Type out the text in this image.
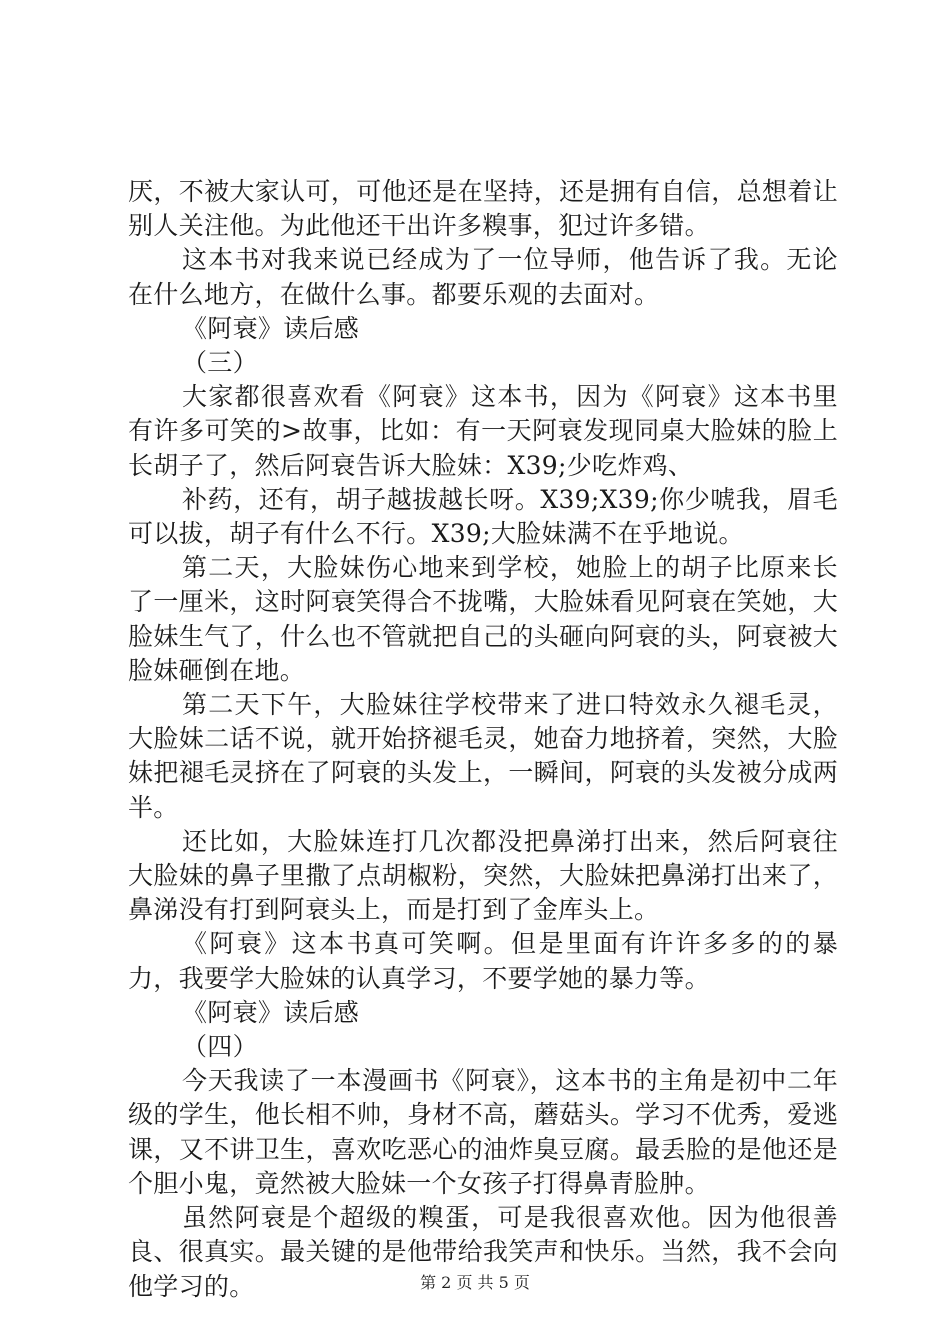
厌，不被大家认可，可他还是在坚持，还是拥有自信，总想着让别人关注他。为此他还干出许多糗事，犯过许多错。

这本书对我来说已经成为了一位导师，他告诉了我。无论在什么地方，在做什么事。都要乐观的去面对。

《阿衰》读后感

（三）

大家都很喜欢看《阿衰》这本书，因为《阿衰》这本书里有许多可笑的>故事，比如：有一天阿衰发现同桌大脸妹的脸上长胡子了，然后阿衰告诉大脸妹：X39;少吃炸鸡、

补药，还有，胡子越拔越长呀。X39;X39;你少唬我，眉毛可以拔，胡子有什么不行。X39;大脸妹满不在乎地说。

第二天，大脸妹伤心地来到学校，她脸上的胡子比原来长了一厘米，这时阿衰笑得合不拢嘴，大脸妹看见阿衰在笑她，大脸妹生气了，什么也不管就把自己的头砸向阿衰的头，阿衰被大脸妹砸倒在地。

第二天下午，大脸妹往学校带来了进口特效永久褪毛灵，大脸妹二话不说，就开始挤褪毛灵，她奋力地挤着，突然，大脸妹把褪毛灵挤在了阿衰的头发上，一瞬间，阿衰的头发被分成两半。

还比如，大脸妹连打几次都没把鼻涕打出来，然后阿衰往大脸妹的鼻子里撒了点胡椒粉，突然，大脸妹把鼻涕打出来了，鼻涕没有打到阿衰头上，而是打到了金库头上。

《阿衰》这本书真可笑啊。但是里面有许许多多的的暴力，我要学大脸妹的认真学习，不要学她的暴力等。

《阿衰》读后感

（四）

今天我读了一本漫画书《阿衰》，这本书的主角是初中二年级的学生，他长相不帅，身材不高，蘑菇头。学习不优秀，爱逃课，又不讲卫生，喜欢吃恶心的油炸臭豆腐。最丢脸的是他还是个胆小鬼，竟然被大脸妹一个女孩子打得鼻青脸肿。

虽然阿衰是个超级的糗蛋，可是我很喜欢他。因为他很善良、很真实。最关键的是他带给我笑声和快乐。当然，我不会向他学习的。	第 2 页 共 5 页
